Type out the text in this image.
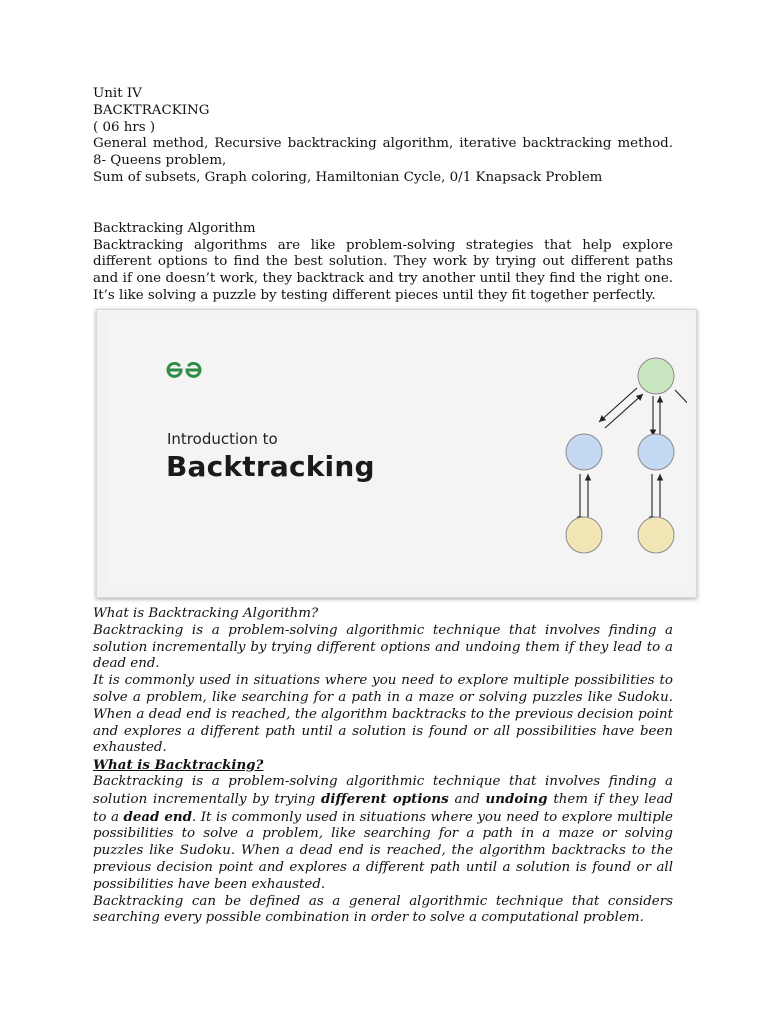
Unit IV

BACKTRACKING

( 06 hrs )

General method, Recursive backtracking algorithm, iterative backtracking method. 8- Queens problem,

Sum of subsets, Graph coloring, Hamiltonian Cycle, 0/1 Knapsack Problem

Backtracking Algorithm

Backtracking algorithms are like problem-solving strategies that help explore different options to find the best solution. They work by trying out different paths and if one doesn’t work, they backtrack and try another until they find the right one. It’s like solving a puzzle by testing different pieces until they fit together perfectly.

Introduction to
Backtracking

What is Backtracking Algorithm?

Backtracking is a problem-solving algorithmic technique that involves finding a solution incrementally by trying different options and undoing them if they lead to a dead end.

It is commonly used in situations where you need to explore multiple possibilities to solve a problem, like searching for a path in a maze or solving puzzles like Sudoku. When a dead end is reached, the algorithm backtracks to the previous decision point and explores a different path until a solution is found or all possibilities have been exhausted.

What is Backtracking?

Backtracking is a problem-solving algorithmic technique that involves finding a solution incrementally by trying different options and undoing them if they lead to a dead end. It is commonly used in situations where you need to explore multiple possibilities to solve a problem, like searching for a path in a maze or solving puzzles like Sudoku. When a dead end is reached, the algorithm backtracks to the previous decision point and explores a different path until a solution is found or all possibilities have been exhausted.

Backtracking can be defined as a general algorithmic technique that considers searching every possible combination in order to solve a computational problem.
